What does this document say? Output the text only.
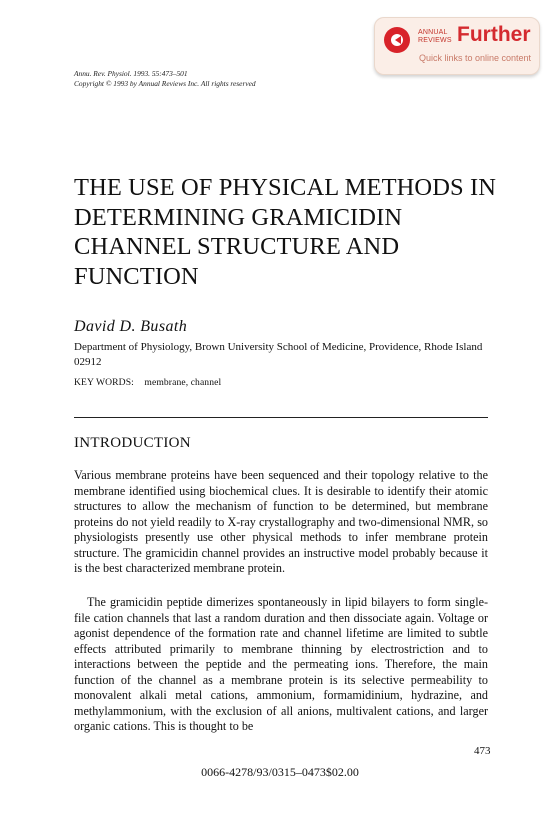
ANNUAL REVIEWS Further
Quick links to online content
Annu. Rev. Physiol. 1993. 55:473–501
Copyright © 1993 by Annual Reviews Inc. All rights reserved
THE USE OF PHYSICAL METHODS IN DETERMINING GRAMICIDIN CHANNEL STRUCTURE AND FUNCTION
David D. Busath
Department of Physiology, Brown University School of Medicine, Providence, Rhode Island 02912
KEY WORDS: membrane, channel
INTRODUCTION

Various membrane proteins have been sequenced and their topology relative to the membrane identified using biochemical clues. It is desirable to identify their atomic structures to allow the mechanism of function to be determined, but membrane proteins do not yield readily to X-ray crystallography and two-dimensional NMR, so physiologists presently use other physical methods to infer membrane protein structure. The gramicidin channel provides an instructive model probably because it is the best characterized membrane protein.

The gramicidin peptide dimerizes spontaneously in lipid bilayers to form single-file cation channels that last a random duration and then dissociate again. Voltage or agonist dependence of the formation rate and channel lifetime are limited to subtle effects attributed primarily to membrane thinning by electrostriction and to interactions between the peptide and the permeating ions. Therefore, the main function of the channel as a membrane protein is its selective permeability to monovalent alkali metal cations, ammonium, formamidinium, hydrazine, and methylammonium, with the exclusion of all anions, multivalent cations, and larger organic cations. This is thought to be

473
0066-4278/93/0315–0473$02.00
